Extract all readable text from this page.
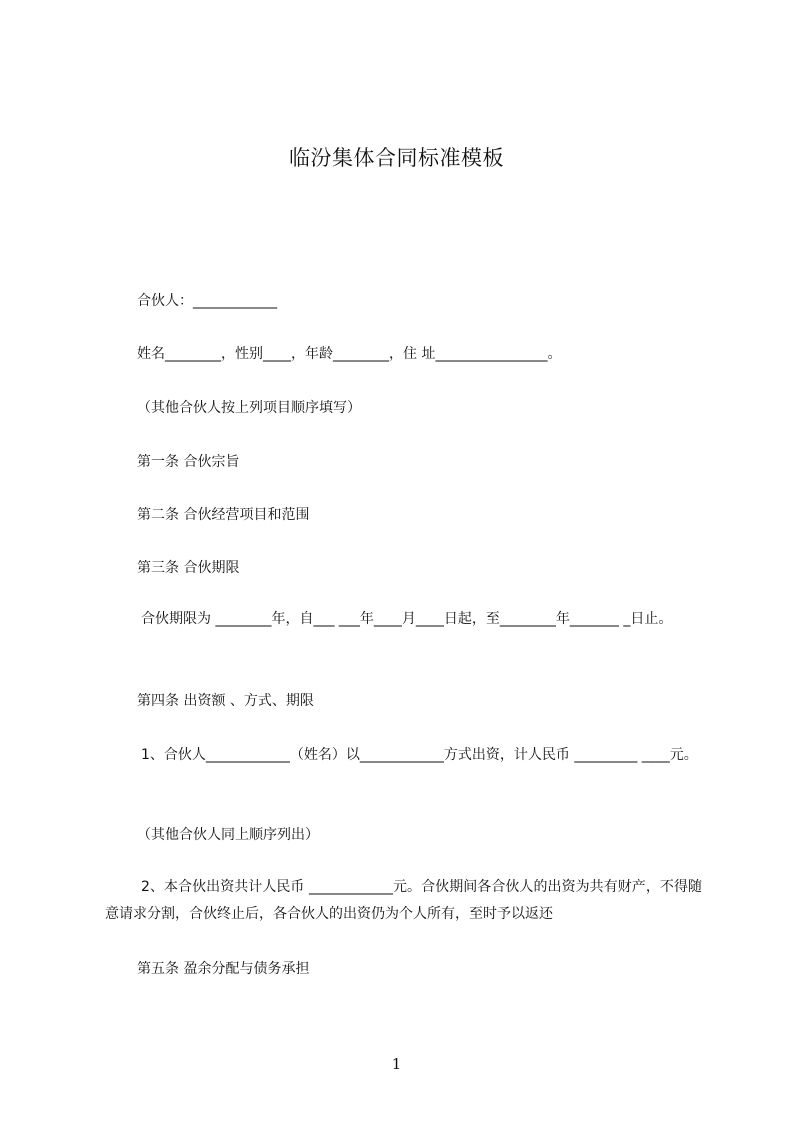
临汾集体合同标准模板
合伙人：____________
姓名________，性别____，年龄________，住 址________________。
（其他合伙人按上列项目顺序填写）
第一条 合伙宗旨
第二条 合伙经营项目和范围
第三条 合伙期限
合伙期限为 ________年，自___ ___年____月____日起，至________年_______ _日止。
第四条 出资额 、方式、期限
1、合伙人____________（姓名）以____________方式出资，计人民币 _________ ____元。
（其他合伙人同上顺序列出）
2、本合伙出资共计人民币 ____________元。合伙期间各合伙人的出资为共有财产，不得随意请求分割，合伙终止后，各合伙人的出资仍为个人所有，至时予以返还
第五条 盈余分配与债务承担
1
